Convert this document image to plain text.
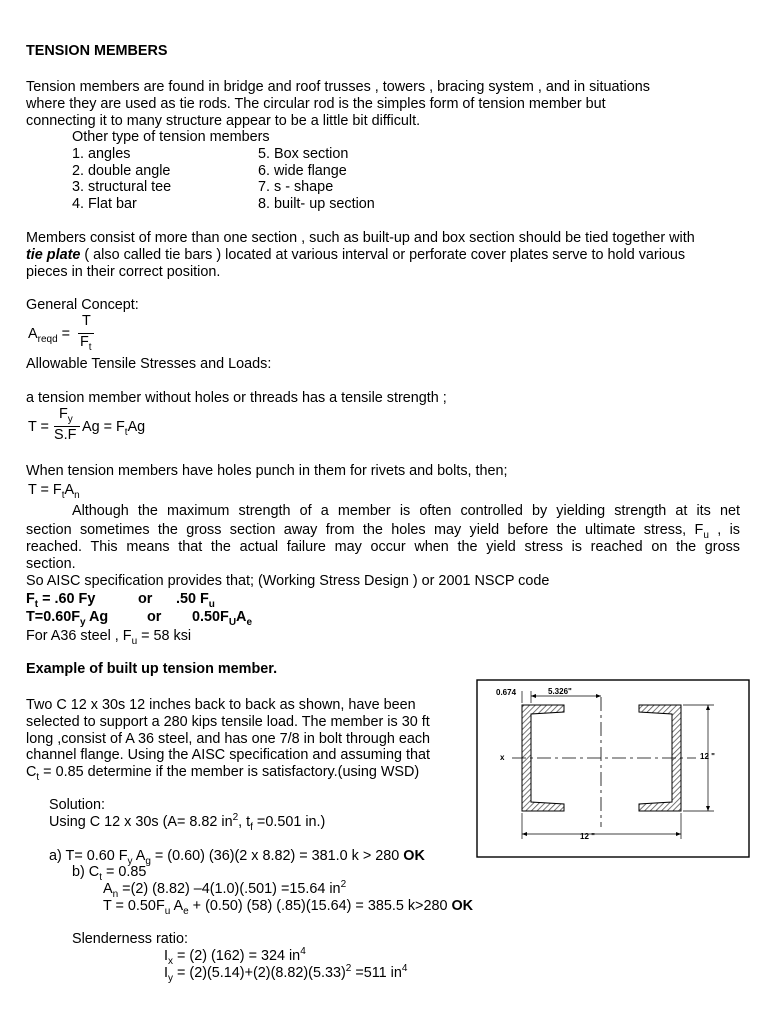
TENSION MEMBERS
Tension members are found in bridge and roof trusses , towers , bracing system , and in situations
where they are used as tie rods. The circular rod is the simples form of tension member but
connecting it to many structure appear to be a little bit difficult.
Other type of tension members
1. angles
2. double angle
3. structural tee
4. Flat bar
5. Box section
6. wide flange
7. s - shape
8. built- up section
Members consist of more than one section , such as built-up and box section should be tied together with
tie plate ( also called tie bars ) located at various interval or perforate cover plates serve to hold various
pieces in their correct position.
General Concept:
$A_{reqd}$ =
T
$F_t$
Allowable Tensile Stresses and Loads:
a tension member without holes or threads has a tensile strength ;
T =
$F_y$
S.F $Ag = F_tAg$
When tension members have holes punch in them for rivets and bolts, then;
$T = F_tA_n$
Although the maximum strength of a member is often controlled by yielding strength at its net
section sometimes the gross section away from the holes may yield before the ultimate stress, $F_u$ , is
reached. This means that the actual failure may occur when the yield stress is reached on the gross
section.
So AISC specification provides that; (Working Stress Design ) or 2001 NSCP code
$F_t = .60$ Fy	or .50 $F_u$
$T=0.60F_y$ Ag	or $0.50F_UA_e$
For A36 steel , $F_u = 58$ ksi
Example of built up tension member.
Two C 12 x 30s 12 inches back to back as shown, have been
selected to support a 280 kips tensile load. The member is 30 ft
long ,consist of A 36 steel, and has one 7/8 in bolt through each
channel flange. Using the AISC specification and assuming that
$C_t = 0.85$ determine if the member is satisfactory.(using WSD)
Solution:
Using C 12 x 30s (A= 8.82 $in^2$, $t_f =0.501$ in.)
a) T= 0.60 $F_y$ $A_g = (0.60)$ (36)(2 x 8.82) = 381.0 k > 280 OK
b) $C_t = 0.85$
$A_n =(2)$ (8.82) –4(1.0)(.501) =15.64 $in^2$
$T = 0.50F_u$ $A_e + (0.50)$ (58) (.85)(15.64) = 385.5 k>280 OK
Slenderness ratio:
$I_x = (2) (162) = 324$ $in^4$
$I_y = (2)(5.14)+(2)(8.82)(5.33)^2 =511$ $in^4$
0.674	5.326"
12 "
x
12 "
